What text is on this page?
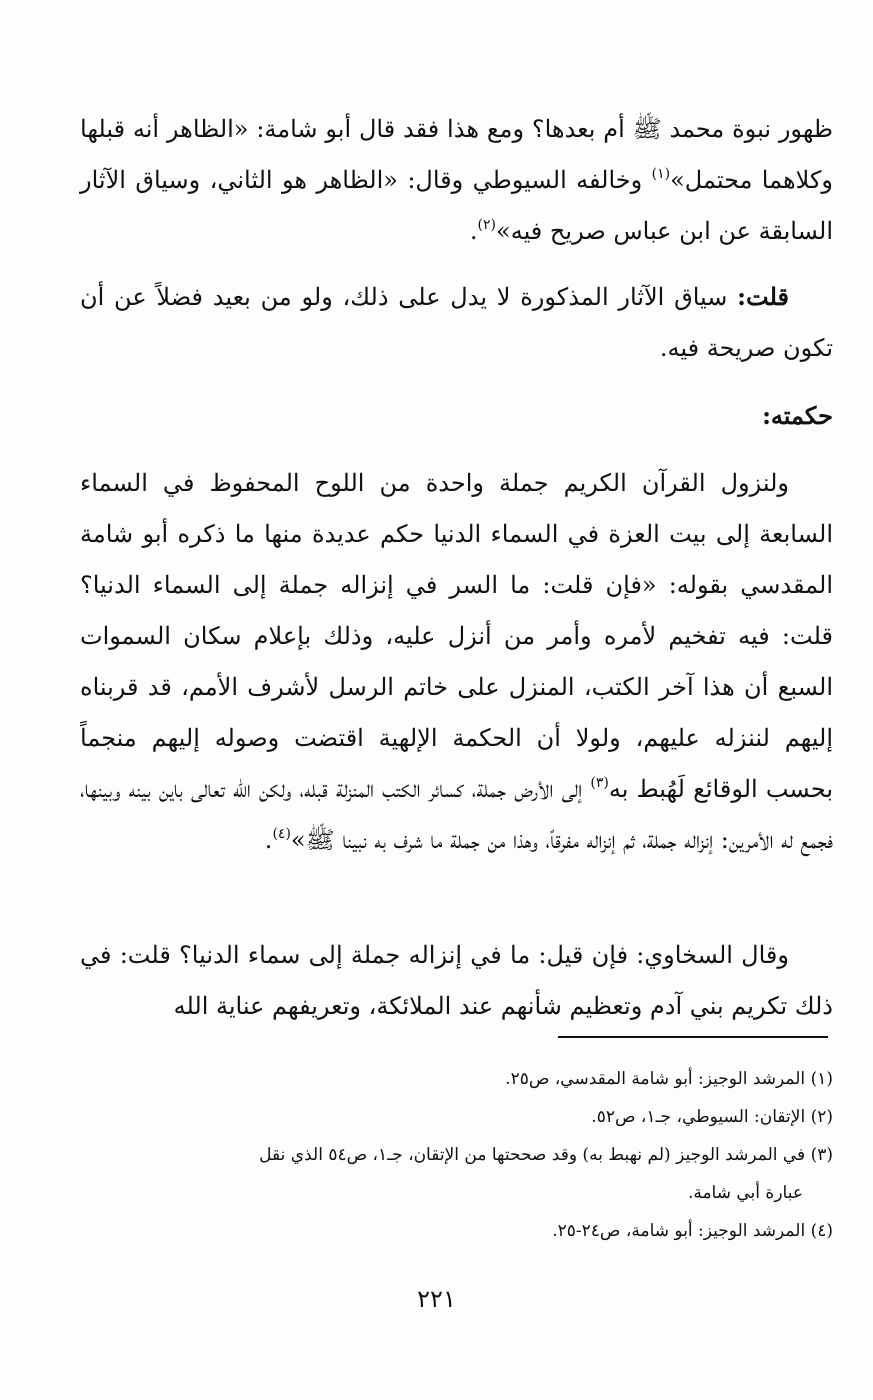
ظهور نبوة محمد ﷺ أم بعدها؟ ومع هذا فقد قال أبو شامة: «الظاهر أنه قبلها وكلاهما محتمل»$^{(١)}$ وخالفه السيوطي وقال: «الظاهر هو الثاني، وسياق الآثار السابقة عن ابن عباس صريح فيه»$^{(٢)}$.

قلت: سياق الآثار المذكورة لا يدل على ذلك، ولو من بعيد فضلاً عن أن تكون صريحة فيه.

حكمته:

ولنزول القرآن الكريم جملة واحدة من اللوح المحفوظ في السماء السابعة إلى بيت العزة في السماء الدنيا حكم عديدة منها ما ذكره أبو شامة المقدسي بقوله: «فإن قلت: ما السر في إنزاله جملة إلى السماء الدنيا؟ قلت: فيه تفخيم لأمره وأمر من أنزل عليه، وذلك بإعلام سكان السموات السبع أن هذا آخر الكتب، المنزل على خاتم الرسل لأشرف الأمم، قد قربناه إليهم لننزله عليهم، ولولا أن الحكمة الإلهية اقتضت وصوله إليهم منجماً بحسب الوقائع لَهُبط به$^{(٣)}$ إلى الأرض جملة، كسائر الكتب المنزلة قبله، ولكن الله تعالى باين بينه وبينها، فجمع له الأمرين: إنزاله جملة، ثم إنزاله مفرقاً، وهذا من جملة ما شرف به نبينا ﷺ»$^{(٤)}$.

وقال السخاوي: فإن قيل: ما في إنزاله جملة إلى سماء الدنيا؟ قلت: في ذلك تكريم بني آدم وتعظيم شأنهم عند الملائكة، وتعريفهم عناية الله

(١) المرشد الوجيز: أبو شامة المقدسي، ص٢٥.

(٢) الإتقان: السيوطي، جـ١، ص٥٢.

(٣) في المرشد الوجيز (لم نهبط به) وقد صححتها من الإتقان، جـ١، ص٥٤ الذي نقل
عبارة أبي شامة.

(٤) المرشد الوجيز: أبو شامة، ص٢٤-٢٥.

٢٢١
